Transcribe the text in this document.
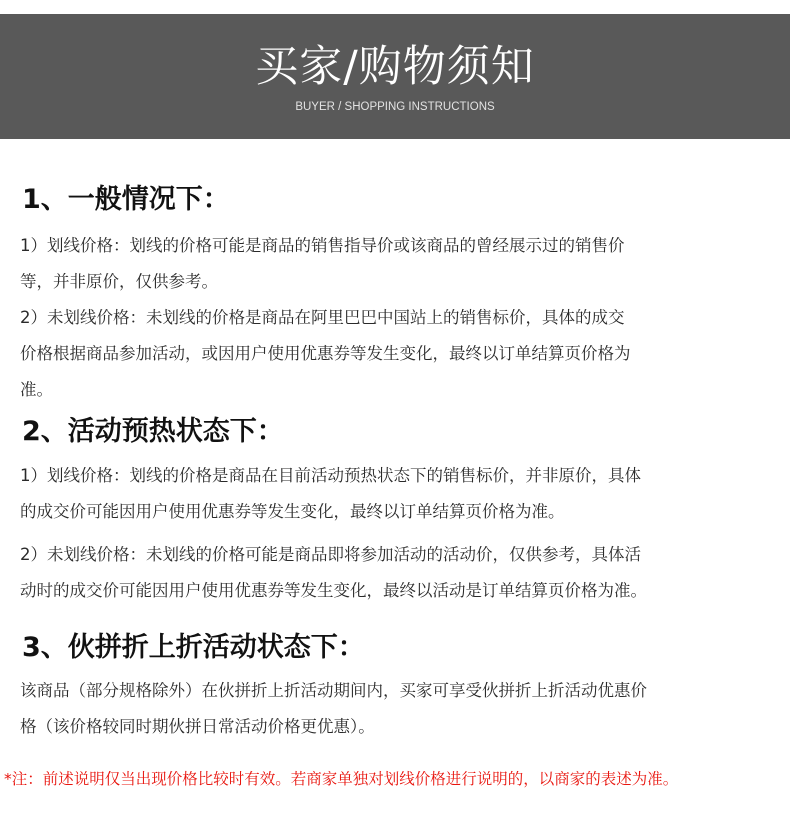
买家/购物须知
BUYER / SHOPPING INSTRUCTIONS
1、一般情况下：
1）划线价格：划线的价格可能是商品的销售指导价或该商品的曾经展示过的销售价
等，并非原价，仅供参考。
2）未划线价格：未划线的价格是商品在阿里巴巴中国站上的销售标价，具体的成交
价格根据商品参加活动，或因用户使用优惠券等发生变化，最终以订单结算页价格为
准。
2、活动预热状态下：
1）划线价格：划线的价格是商品在目前活动预热状态下的销售标价，并非原价，具体
的成交价可能因用户使用优惠券等发生变化，最终以订单结算页价格为准。
2）未划线价格：未划线的价格可能是商品即将参加活动的活动价，仅供参考，具体活
动时的成交价可能因用户使用优惠券等发生变化，最终以活动是订单结算页价格为准。
3、伙拼折上折活动状态下：
该商品（部分规格除外）在伙拼折上折活动期间内，买家可享受伙拼折上折活动优惠价
格（该价格较同时期伙拼日常活动价格更优惠）。
*注：前述说明仅当出现价格比较时有效。若商家单独对划线价格进行说明的，以商家的表述为准。
